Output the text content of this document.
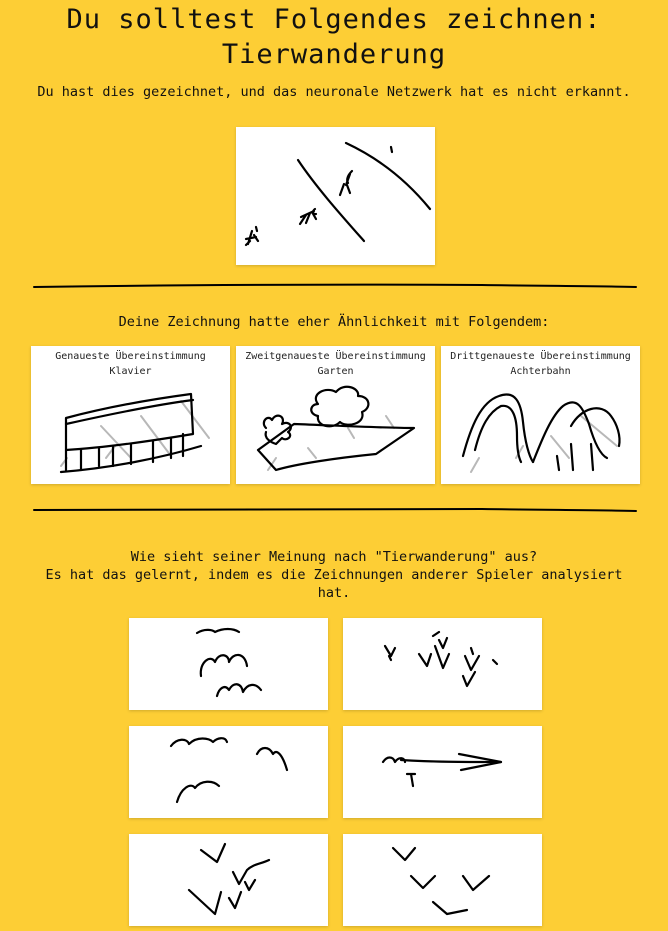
Du solltest Folgendes zeichnen:
Tierwanderung
Du hast dies gezeichnet, und das neuronale Netzwerk hat es nicht erkannt.
Deine Zeichnung hatte eher Ähnlichkeit mit Folgendem:
Genaueste Übereinstimmung
Klavier
Zweitgenaueste Übereinstimmung
Garten
Drittgenaueste Übereinstimmung
Achterbahn
Wie sieht seiner Meinung nach "Tierwanderung" aus?
Es hat das gelernt, indem es die Zeichnungen anderer Spieler analysiert
hat.
